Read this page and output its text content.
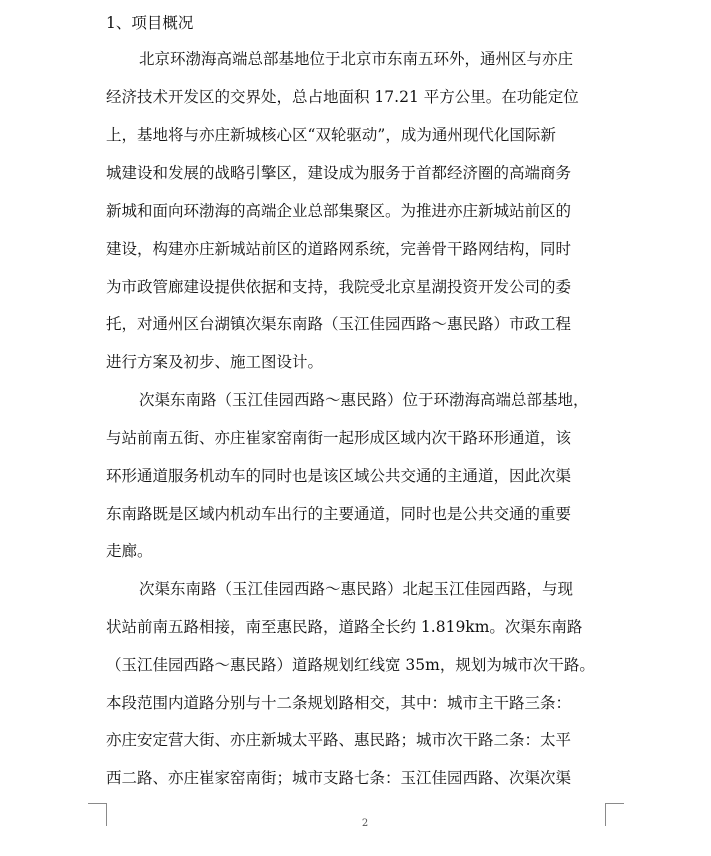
1、项目概况
北京环渤海高端总部基地位于北京市东南五环外，通州区与亦庄
经济技术开发区的交界处，总占地面积 17.21 平方公里。在功能定位
上，基地将与亦庄新城核心区“双轮驱动”，成为通州现代化国际新
城建设和发展的战略引擎区，建设成为服务于首都经济圈的高端商务
新城和面向环渤海的高端企业总部集聚区。为推进亦庄新城站前区的
建设，构建亦庄新城站前区的道路网系统，完善骨干路网结构，同时
为市政管廊建设提供依据和支持，我院受北京星湖投资开发公司的委
托，对通州区台湖镇次渠东南路（玉江佳园西路～惠民路）市政工程
进行方案及初步、施工图设计。
次渠东南路（玉江佳园西路～惠民路）位于环渤海高端总部基地，
与站前南五街、亦庄崔家窑南街一起形成区域内次干路环形通道，该
环形通道服务机动车的同时也是该区域公共交通的主通道，因此次渠
东南路既是区域内机动车出行的主要通道，同时也是公共交通的重要
走廊。
次渠东南路（玉江佳园西路～惠民路）北起玉江佳园西路，与现
状站前南五路相接，南至惠民路，道路全长约 1.819km。次渠东南路
（玉江佳园西路～惠民路）道路规划红线宽 35m，规划为城市次干路。
本段范围内道路分别与十二条规划路相交，其中：城市主干路三条：
亦庄安定营大街、亦庄新城太平路、惠民路；城市次干路二条：太平
西二路、亦庄崔家窑南街；城市支路七条：玉江佳园西路、次渠次渠
2
